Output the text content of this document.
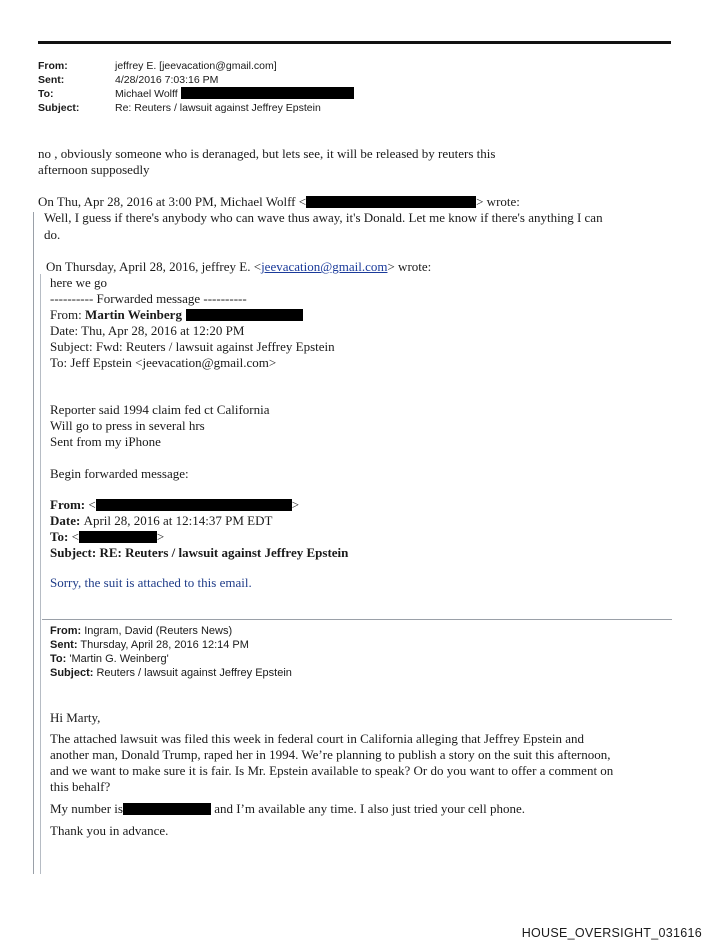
From:	jeffrey E. [jeevacation@gmail.com]
Sent:	4/28/2016 7:03:16 PM
To:	Michael Wolff
Subject:	Re: Reuters / lawsuit against Jeffrey Epstein
no , obviously someone who is deranaged, but lets see, it will be released by reuters this
afternoon supposedly
On Thu, Apr 28, 2016 at 3:00 PM, Michael Wolff <	> wrote:
Well, I guess if there's anybody who can wave thus away, it's Donald. Let me know if there's anything I can
do.
On Thursday, April 28, 2016, jeffrey E. <jeevacation@gmail.com> wrote:
here we go
---------- Forwarded message ----------
From: Martin Weinberg
Date: Thu, Apr 28, 2016 at 12:20 PM
Subject: Fwd: Reuters / lawsuit against Jeffrey Epstein
To: Jeff Epstein <jeevacation@gmail.com>
Reporter said 1994 claim fed ct California
Will go to press in several hrs
Sent from my iPhone
Begin forwarded message:
From: <	>
Date: April 28, 2016 at 12:14:37 PM EDT
To: <	>
Subject: RE: Reuters / lawsuit against Jeffrey Epstein
Sorry, the suit is attached to this email.
From: Ingram, David (Reuters News)
Sent: Thursday, April 28, 2016 12:14 PM
To: 'Martin G. Weinberg'
Subject: Reuters / lawsuit against Jeffrey Epstein
Hi Marty,
The attached lawsuit was filed this week in federal court in California alleging that Jeffrey Epstein and
another man, Donald Trump, raped her in 1994. We’re planning to publish a story on the suit this afternoon,
and we want to make sure it is fair. Is Mr. Epstein available to speak? Or do you want to offer a comment on
this behalf?
My number is	and I’m available any time. I also just tried your cell phone.
Thank you in advance.
HOUSE_OVERSIGHT_031616
